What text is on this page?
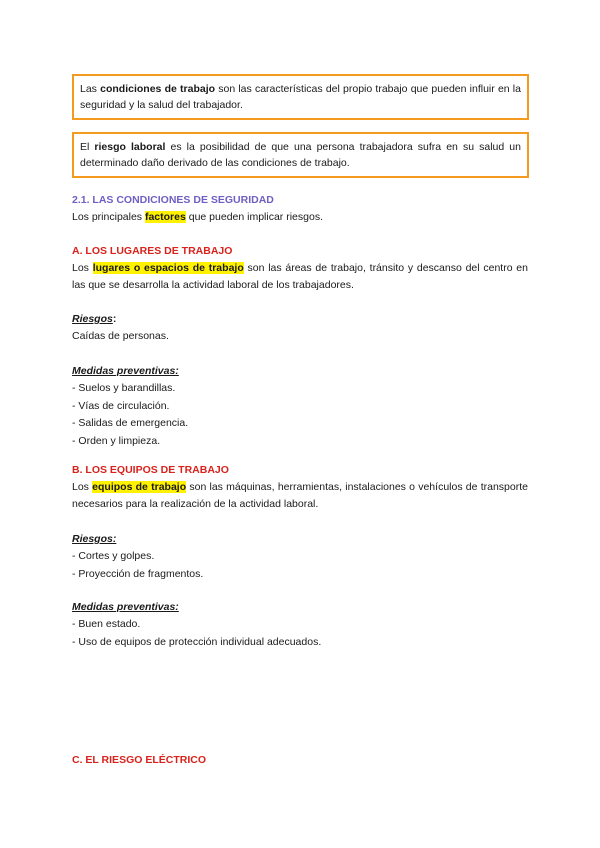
Las condiciones de trabajo son las características del propio trabajo que pueden influir en la seguridad y la salud del trabajador.
El riesgo laboral es la posibilidad de que una persona trabajadora sufra en su salud un determinado daño derivado de las condiciones de trabajo.
2.1. LAS CONDICIONES DE SEGURIDAD
Los principales factores que pueden implicar riesgos.
A. LOS LUGARES DE TRABAJO
Los lugares o espacios de trabajo son las áreas de trabajo, tránsito y descanso del centro en las que se desarrolla la actividad laboral de los trabajadores.
Riesgos:
Caídas de personas.
Medidas preventivas:
- Suelos y barandillas.
- Vías de circulación.
- Salidas de emergencia.
- Orden y limpieza.
B. LOS EQUIPOS DE TRABAJO
Los equipos de trabajo son las máquinas, herramientas, instalaciones o vehículos de transporte necesarios para la realización de la actividad laboral.
Riesgos:
- Cortes y golpes.
- Proyección de fragmentos.
Medidas preventivas:
- Buen estado.
- Uso de equipos de protección individual adecuados.
C. EL RIESGO ELÉCTRICO
